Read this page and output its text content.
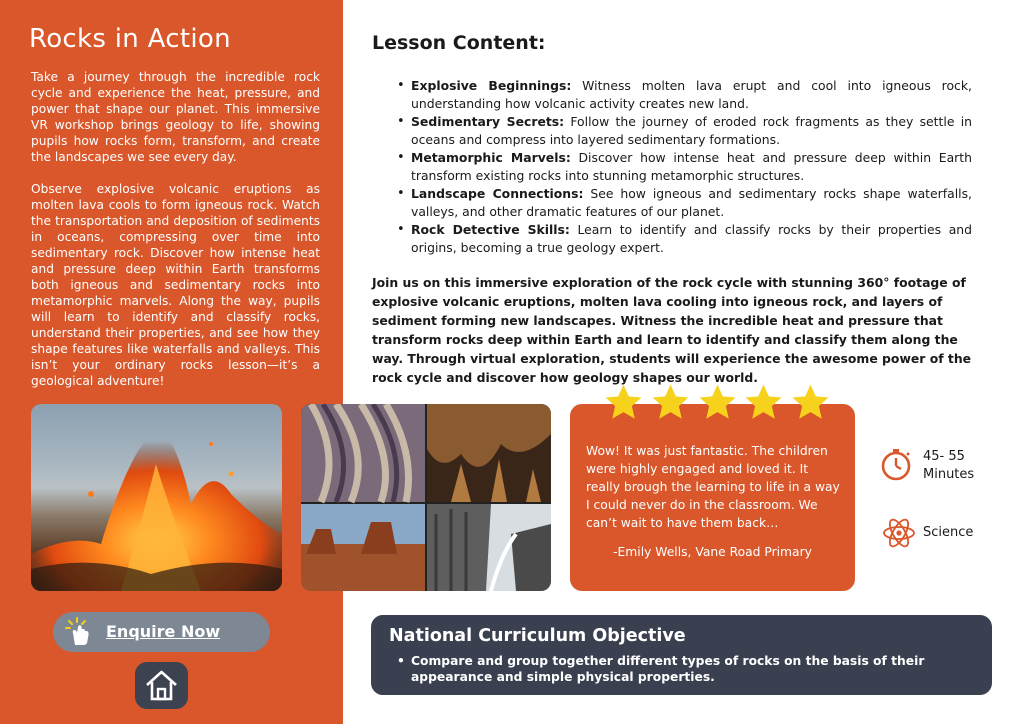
Rocks in Action

Take a journey through the incredible rock cycle and experience the heat, pressure, and power that shape our planet. This immersive VR workshop brings geology to life, showing pupils how rocks form, transform, and create the landscapes we see every day.

Observe explosive volcanic eruptions as molten lava cools to form igneous rock. Watch the transportation and deposition of sediments in oceans, compressing over time into sedimentary rock. Discover how intense heat and pressure deep within Earth transforms both igneous and sedimentary rocks into metamorphic marvels. Along the way, pupils will learn to identify and classify rocks, understand their properties, and see how they shape features like waterfalls and valleys. This isn’t your ordinary rocks lesson—it’s a geological adventure!

Lesson Content:
• Explosive Beginnings: Witness molten lava erupt and cool into igneous rock, understanding how volcanic activity creates new land.
• Sedimentary Secrets: Follow the journey of eroded rock fragments as they settle in oceans and compress into layered sedimentary formations.
• Metamorphic Marvels: Discover how intense heat and pressure deep within Earth transform existing rocks into stunning metamorphic structures.
• Landscape Connections: See how igneous and sedimentary rocks shape waterfalls, valleys, and other dramatic features of our planet.
• Rock Detective Skills: Learn to identify and classify rocks by their properties and origins, becoming a true geology expert.

Join us on this immersive exploration of the rock cycle with stunning 360° footage of explosive volcanic eruptions, molten lava cooling into igneous rock, and layers of sediment forming new landscapes. Witness the incredible heat and pressure that transform rocks deep within Earth and learn to identify and classify them along the way. Through virtual exploration, students will experience the awesome power of the rock cycle and discover how geology shapes our world.

Wow! It was just fantastic. The children were highly engaged and loved it. It really brough the learning to life in a way I could never do in the classroom. We can’t wait to have them back…

-Emily Wells, Vane Road Primary
45- 55 Minutes
Science
Enquire Now	National Curriculum Objective

• Compare and group together different types of rocks on the basis of their appearance and simple physical properties.
